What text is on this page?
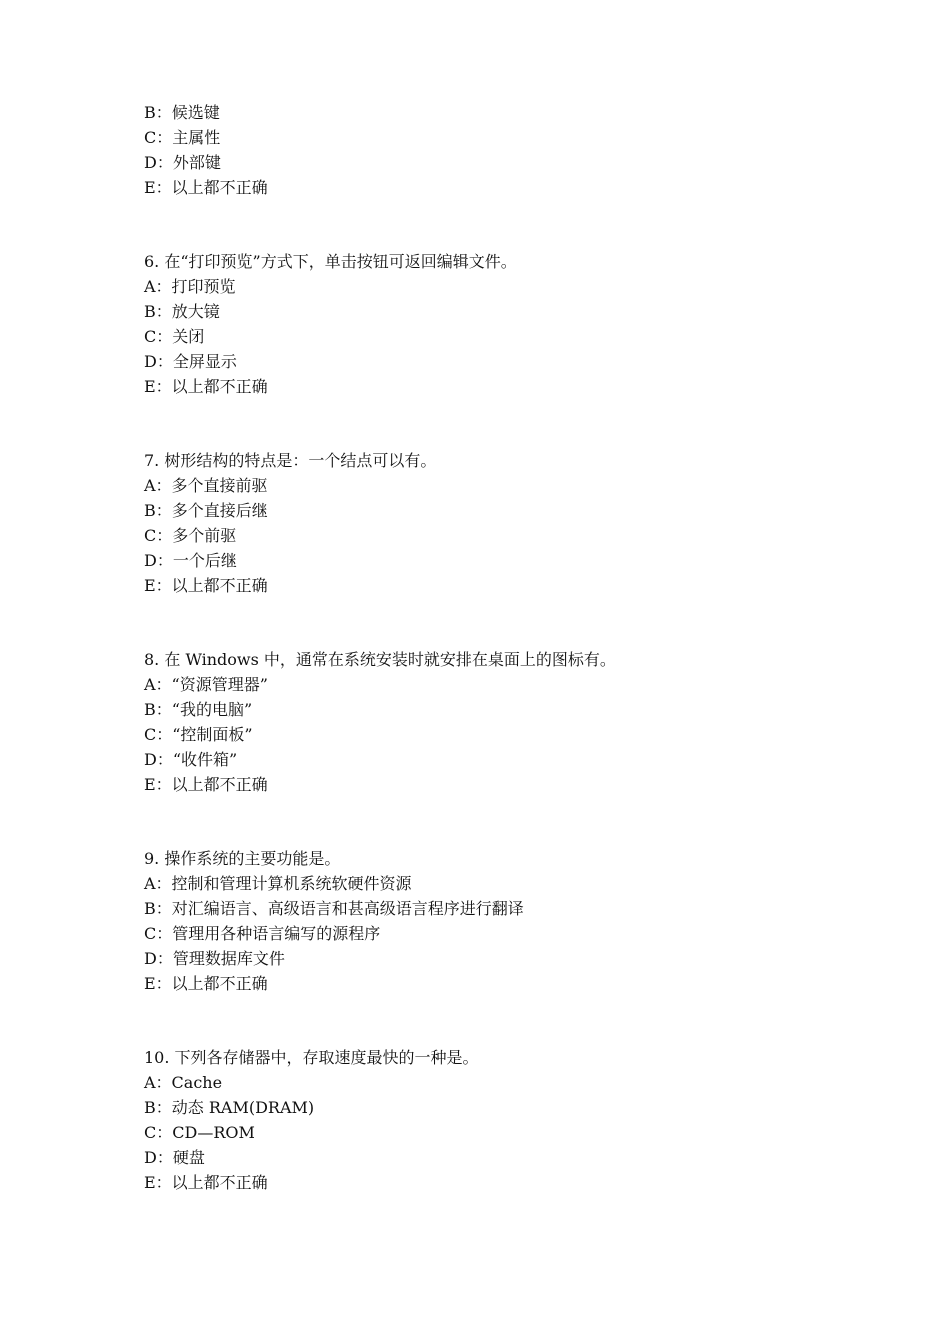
B：候选键
C：主属性
D：外部键
E：以上都不正确
6. 在“打印预览”方式下，单击按钮可返回编辑文件。
A：打印预览
B：放大镜
C：关闭
D：全屏显示
E：以上都不正确
7. 树形结构的特点是：一个结点可以有。
A：多个直接前驱
B：多个直接后继
C：多个前驱
D：一个后继
E：以上都不正确
8. 在 Windows 中，通常在系统安装时就安排在桌面上的图标有。
A：“资源管理器”
B：“我的电脑”
C：“控制面板”
D：“收件箱”
E：以上都不正确
9. 操作系统的主要功能是。
A：控制和管理计算机系统软硬件资源
B：对汇编语言、高级语言和甚高级语言程序进行翻译
C：管理用各种语言编写的源程序
D：管理数据库文件
E：以上都不正确
10. 下列各存储器中，存取速度最快的一种是。
A：Cache
B：动态 RAM(DRAM)
C：CD—ROM
D：硬盘
E：以上都不正确
